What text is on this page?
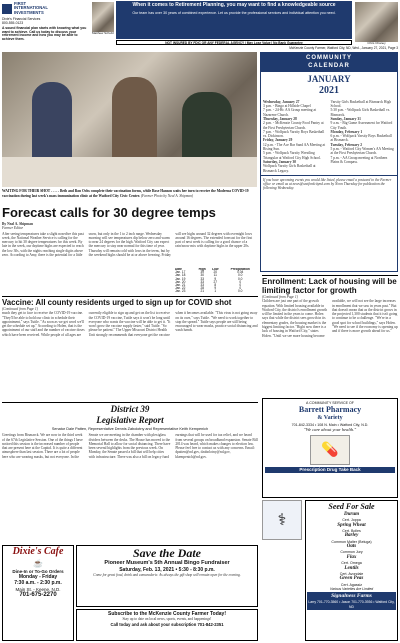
FIRST
INTERNATIONAL
INVESTMENTS
Dixie's Financial Services
800-555-0123
A sound financial plan starts with knowing what you want to achieve. Call us today to discuss your retirement income and how you may be able to achieve them.
Matthew Schultz
When it comes to Retirement Planning, you may want to find a knowledgeable source
Our team has over 30 years of combined experience. Let us provide the professional services and individual attention you need.
Chris Chaney
NOT INSURED BY FDIC OR ANY FEDERAL AGENCY | May Lose Value | No Bank Guarantee
McKenzie County Farmer, Watford City, ND, Wed., January 27, 2021, Page 3
COMMUNITY
CALENDAR
JANUARY
2021
Wednesday, January 27
3 p.m. - Bingo at Hillside Chapel
7 p.m. - 24-Hr. AA Group meeting at Nazarene Church.
Thursday, January 28
2 p.m. - McKenzie County Food Pantry at the First Presbyterian Church.
7 p.m. - Wolfpack Varsity Boys Basketball vs. Dickinson.
Friday, January 29
12 p.m. - The Ace Bar Sand AA Meeting at Rising Sun.
5 p.m. - Wolfpack Varsity Wrestling Triangular at Watford City High School.
Saturday, January 30
Wolfpack Varsity Girls Basketball at Bismarck Legacy.
Varsity Girls Basketball at Bismarck High School.
5:30 p.m. - Wolfpack Girls Basketball vs. Bismarck.
Sunday, January 31
9 a.m. - Big Game Assessment for Watford City Youth.
Monday, February 1
6 p.m. - Wolfpack Varsity Boys Basketball at Bismarck.
Tuesday, February 2
5 p.m. - Watford City Women's AA Meeting at the First Presbyterian Church.
7 p.m. - AA Group meeting at Northern Plains & Compass.
If you have upcoming events you would like listed, please email a postcard to the Farmer office or email us at news@watfordcitynd.com by Noon Thursday for publication the following Wednesday.
WAITING FOR THEIR SHOT . . . . . Beth and Ron Ochs complete their vaccination forms, while Rose Hanson waits her turn to receive the Moderna COVID-19 vaccination during last week's mass immunization clinic at the Watford City Civic Center. (Farmer Photo by Neal A. Shipman)
Forecast calls for 30 degree temps
By Neal A. Shipman
Farmer Editor
After seeing temperatures take a slight nosedive this past week, the National Weather Service is calling for the mercury to hit 30 degree temperatures for this week. By late in the week, our daytime highs are expected to reach the low 30s, with the nights reaching single digits above zero. According to Amy, there is the potential for a little snow, but only in the 1 to 2 inch range. Wednesday morning will see temperatures dip below zero and warm to near 24 degrees for the high. Watford City can expect the mercury to stay near normal for this time of year. Thursday will remain cold with lows in the teens, but by the weekend highs should be at or above freezing. Friday will see highs around 32 degrees with overnight lows around 16 degrees. The extended forecast for the first part of next week is calling for a good chance of a rain/snow mix with daytime highs in the upper 20s.
Date	High	Low	Precipitation
Jan. 17	39	20	0.04
Jan. 18	30	11	0.0
Jan. 19	33	9	0.0
Jan. 20	33	27	0
Jan. 21	33	8	0
Jan. 22	28	9	0
Jan. 23	21	1	0.0
Enrollment: Lack of housing will be limiting factor for growth
(Continued from Page 1)
Children are just one part of the growth equation. With limited housing available in Watford City, the district's enrollment growth will be limited in the years to come. Holen says that while the district sees growth in its elementary grades, the housing market is the biggest limiting factor. "Right now there is a lack of housing in Watford City," states Holen. "Until we see more housing become available, we will not see the large increases in enrollment that we saw in years past." But that doesn't mean that as the district grows in the projected 1,300 students that it isn't going to continue to be a challenge. "We're in a good spot for school buildings," says Holen. "We need to see if the economy is opening up and if there is more growth ahead for us."
Vaccine: All county residents urged to sign up for COVID shot
(Continued from Page 1)
much they get to face to receive the COVID-19 vaccine. "They'll be able to hold our clinic in schedule their appointment," says Tuttle. "As soon as we get word we'll get the schedule set up." According to Holen, that is the appointment of our staff and the number of vaccine doses which have been received. While people of all ages are currently eligible to sign up and get on the list to receive the COVID-19 vaccine, Tuttle says it won't be long until everyone who wants the vaccine will be able to get it. "It won't grow the vaccine supply faster," said Tuttle. "So please be patient." The Upper Missouri District Health Unit strongly recommends that everyone get the vaccine when it becomes available. "This virus is not going away on its own," says Tuttle. "We need to work together to stop the spread." Tuttle says people are still being encouraged to wear masks, practice social distancing and wash hands.
District 39
Legislative Report
Senator Dale Patten, Representative Dennis Zabolotny and Representative Keith Kempenich
Greetings from Bismarck. We are now in the third week of the 67th Legislative Session. One of the things I have noticed this session is the increased number of people that are present here at the Capitol. It is quite a different atmosphere than last session. There are a lot of people here who are wearing masks, but not everyone. In the Senate we are meeting in the chamber with plexiglass dividers between the desks. The House has moved to the Memorial Hall to allow for social distancing. There have been several highlights from the previous week. On Monday, the Senate passed a bill that will help cities with infrastructure. There was also a bill on legacy fund earnings that will be used for tax relief, and we heard from several groups on broadband expansion. Senate Bill 2014 was heard, which makes changes to election law. Please feel free to contact us with any concerns. Email: dpatten@nd.gov, dzabolotny@nd.gov, kkempenich@nd.gov.
Dixie's Cafe
☕
Dine-In or To-Go Orders
Monday - Friday
7:30 a.m. - 2:30 p.m.
Main St. - Keene, N.D.
701-675-2270
Save the Date
Pioneer Museum's 5th Annual Bingo Fundraiser
Saturday, Feb. 13, 2021 • 5:30 - 8:30 p.m.
Come for great food, drink and camaraderie. As always the gift shop will remain open for the evening.
Subscribe to the McKenzie County Farmer Today!
Stay up to date on local news, sports, events, and happenings!
Call today and ask about your subscription 701-842-2351
A COMMUNITY SERVICE OF
Barrett Pharmacy
& Variety
701-842-3334 • 108 N. Main • Watford City, N.D.
"We care about your health."
💊
Prescription Drug Take Back
Seed For Sale
Durum
Cert. Joppa
Spring Wheat
Cert. Bolles
Barley
Common Malter (Beluga)
Oats
Common Jury
Flax
Cert. Omega
Lentils
Cert. Avondale
Green Peas
Cert. Agassiz
Various Varieties Are Limited
Signalness Farms
Larry 701-770-3560 • Jason 701-770-3936 • Watford City, ND
⚕
